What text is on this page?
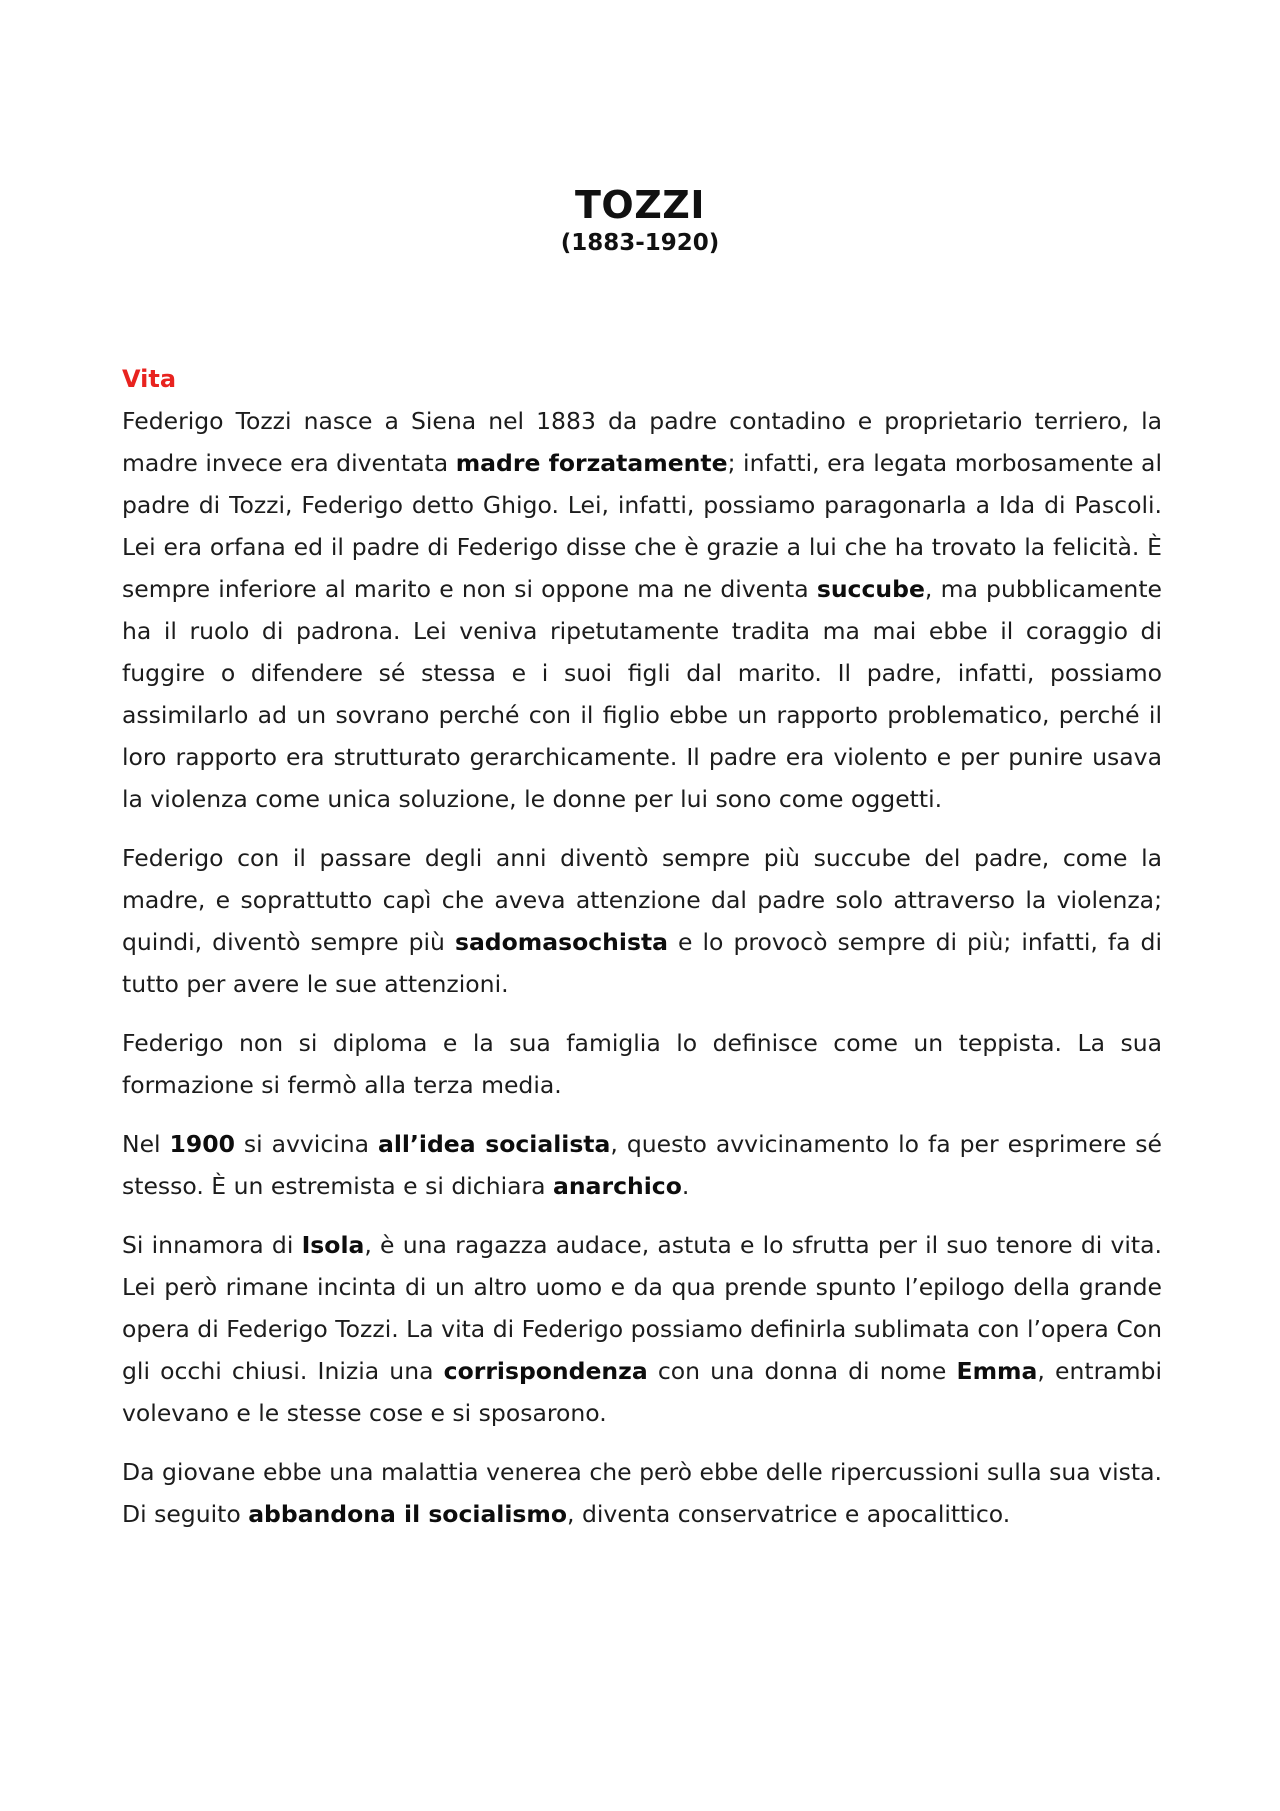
TOZZI
(1883-1920)
Vita

Federigo Tozzi nasce a Siena nel 1883 da padre contadino e proprietario terriero, la madre invece era diventata madre forzatamente; infatti, era legata morbosamente al padre di Tozzi, Federigo detto Ghigo. Lei, infatti, possiamo paragonarla a Ida di Pascoli. Lei era orfana ed il padre di Federigo disse che è grazie a lui che ha trovato la felicità. È sempre inferiore al marito e non si oppone ma ne diventa succube, ma pubblicamente ha il ruolo di padrona. Lei veniva ripetutamente tradita ma mai ebbe il coraggio di fuggire o difendere sé stessa e i suoi figli dal marito. Il padre, infatti, possiamo assimilarlo ad un sovrano perché con il figlio ebbe un rapporto problematico, perché il loro rapporto era strutturato gerarchicamente. Il padre era violento e per punire usava la violenza come unica soluzione, le donne per lui sono come oggetti.

Federigo con il passare degli anni diventò sempre più succube del padre, come la madre, e soprattutto capì che aveva attenzione dal padre solo attraverso la violenza; quindi, diventò sempre più sadomasochista e lo provocò sempre di più; infatti, fa di tutto per avere le sue attenzioni.

Federigo non si diploma e la sua famiglia lo definisce come un teppista. La sua formazione si fermò alla terza media.

Nel 1900 si avvicina all’idea socialista, questo avvicinamento lo fa per esprimere sé stesso. È un estremista e si dichiara anarchico.

Si innamora di Isola, è una ragazza audace, astuta e lo sfrutta per il suo tenore di vita. Lei però rimane incinta di un altro uomo e da qua prende spunto l’epilogo della grande opera di Federigo Tozzi. La vita di Federigo possiamo definirla sublimata con l’opera Con gli occhi chiusi. Inizia una corrispondenza con una donna di nome Emma, entrambi volevano e le stesse cose e si sposarono.

Da giovane ebbe una malattia venerea che però ebbe delle ripercussioni sulla sua vista. Di seguito abbandona il socialismo, diventa conservatrice e apocalittico.
